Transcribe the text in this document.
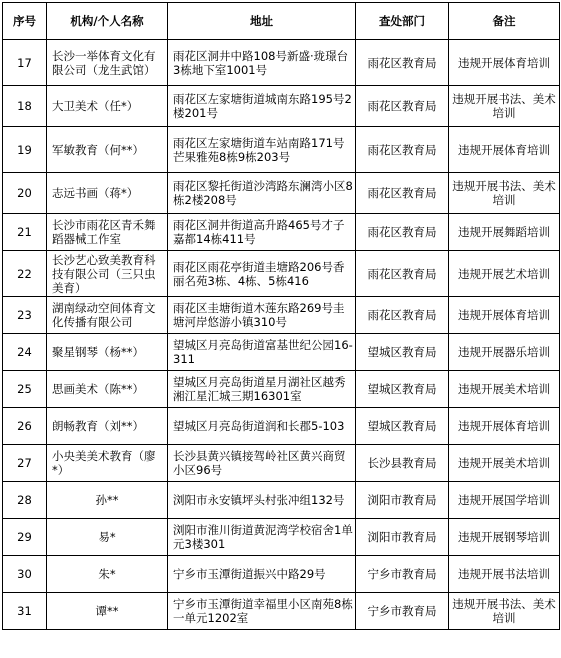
序号	机构/个人名称	地址	查处部门	备注
17	长沙一举体育文化有限公司（龙生武馆）	雨花区洞井中路108号新盛·珑璟台3栋地下室1001号	雨花区教育局	违规开展体育培训
18	大卫美术（任*）	雨花区左家塘街道城南东路195号2楼201号	雨花区教育局	违规开展书法、美术培训
19	军敏教育（何**）	雨花区左家塘街道车站南路171号芒果雅苑8栋9栋203号	雨花区教育局	违规开展体育培训
20	志远书画（蒋*）	雨花区黎托街道沙湾路东澜湾小区8栋2楼208号	雨花区教育局	违规开展书法、美术培训
21	长沙市雨花区青禾舞蹈器械工作室	雨花区洞井街道高升路465号才子嘉都14栋411号	雨花区教育局	违规开展舞蹈培训
22	长沙艺心致美教育科技有限公司（三只虫美育）	雨花区雨花亭街道圭塘路206号香丽名苑3栋、4栋、5栋416	雨花区教育局	违规开展艺术培训
23	湖南绿动空间体育文化传播有限公司	雨花区圭塘街道木莲东路269号圭塘河岸悠游小镇310号	雨花区教育局	违规开展体育培训
24	聚星钢琴（杨**）	望城区月亮岛街道富基世纪公园16-311	望城区教育局	违规开展器乐培训
25	思画美术（陈**）	望城区月亮岛街道星月湖社区越秀湘江星汇城三期16301室	望城区教育局	违规开展美术培训
26	朗畅教育（刘**）	望城区月亮岛街道润和长郡5-103	望城区教育局	违规开展体育培训
27	小央美美术教育（廖*）	长沙县黄兴镇接驾岭社区黄兴商贸小区96号	长沙县教育局	违规开展美术培训
28	孙**	浏阳市永安镇坪头村张冲组132号	浏阳市教育局	违规开展国学培训
29	易*	浏阳市淮川街道黄泥湾学校宿舍1单元3楼301	浏阳市教育局	违规开展钢琴培训
30	朱*	宁乡市玉潭街道振兴中路29号	宁乡市教育局	违规开展书法培训
31	谭**	宁乡市玉潭街道幸福里小区南苑8栋一单元1202室	宁乡市教育局	违规开展书法、美术培训
